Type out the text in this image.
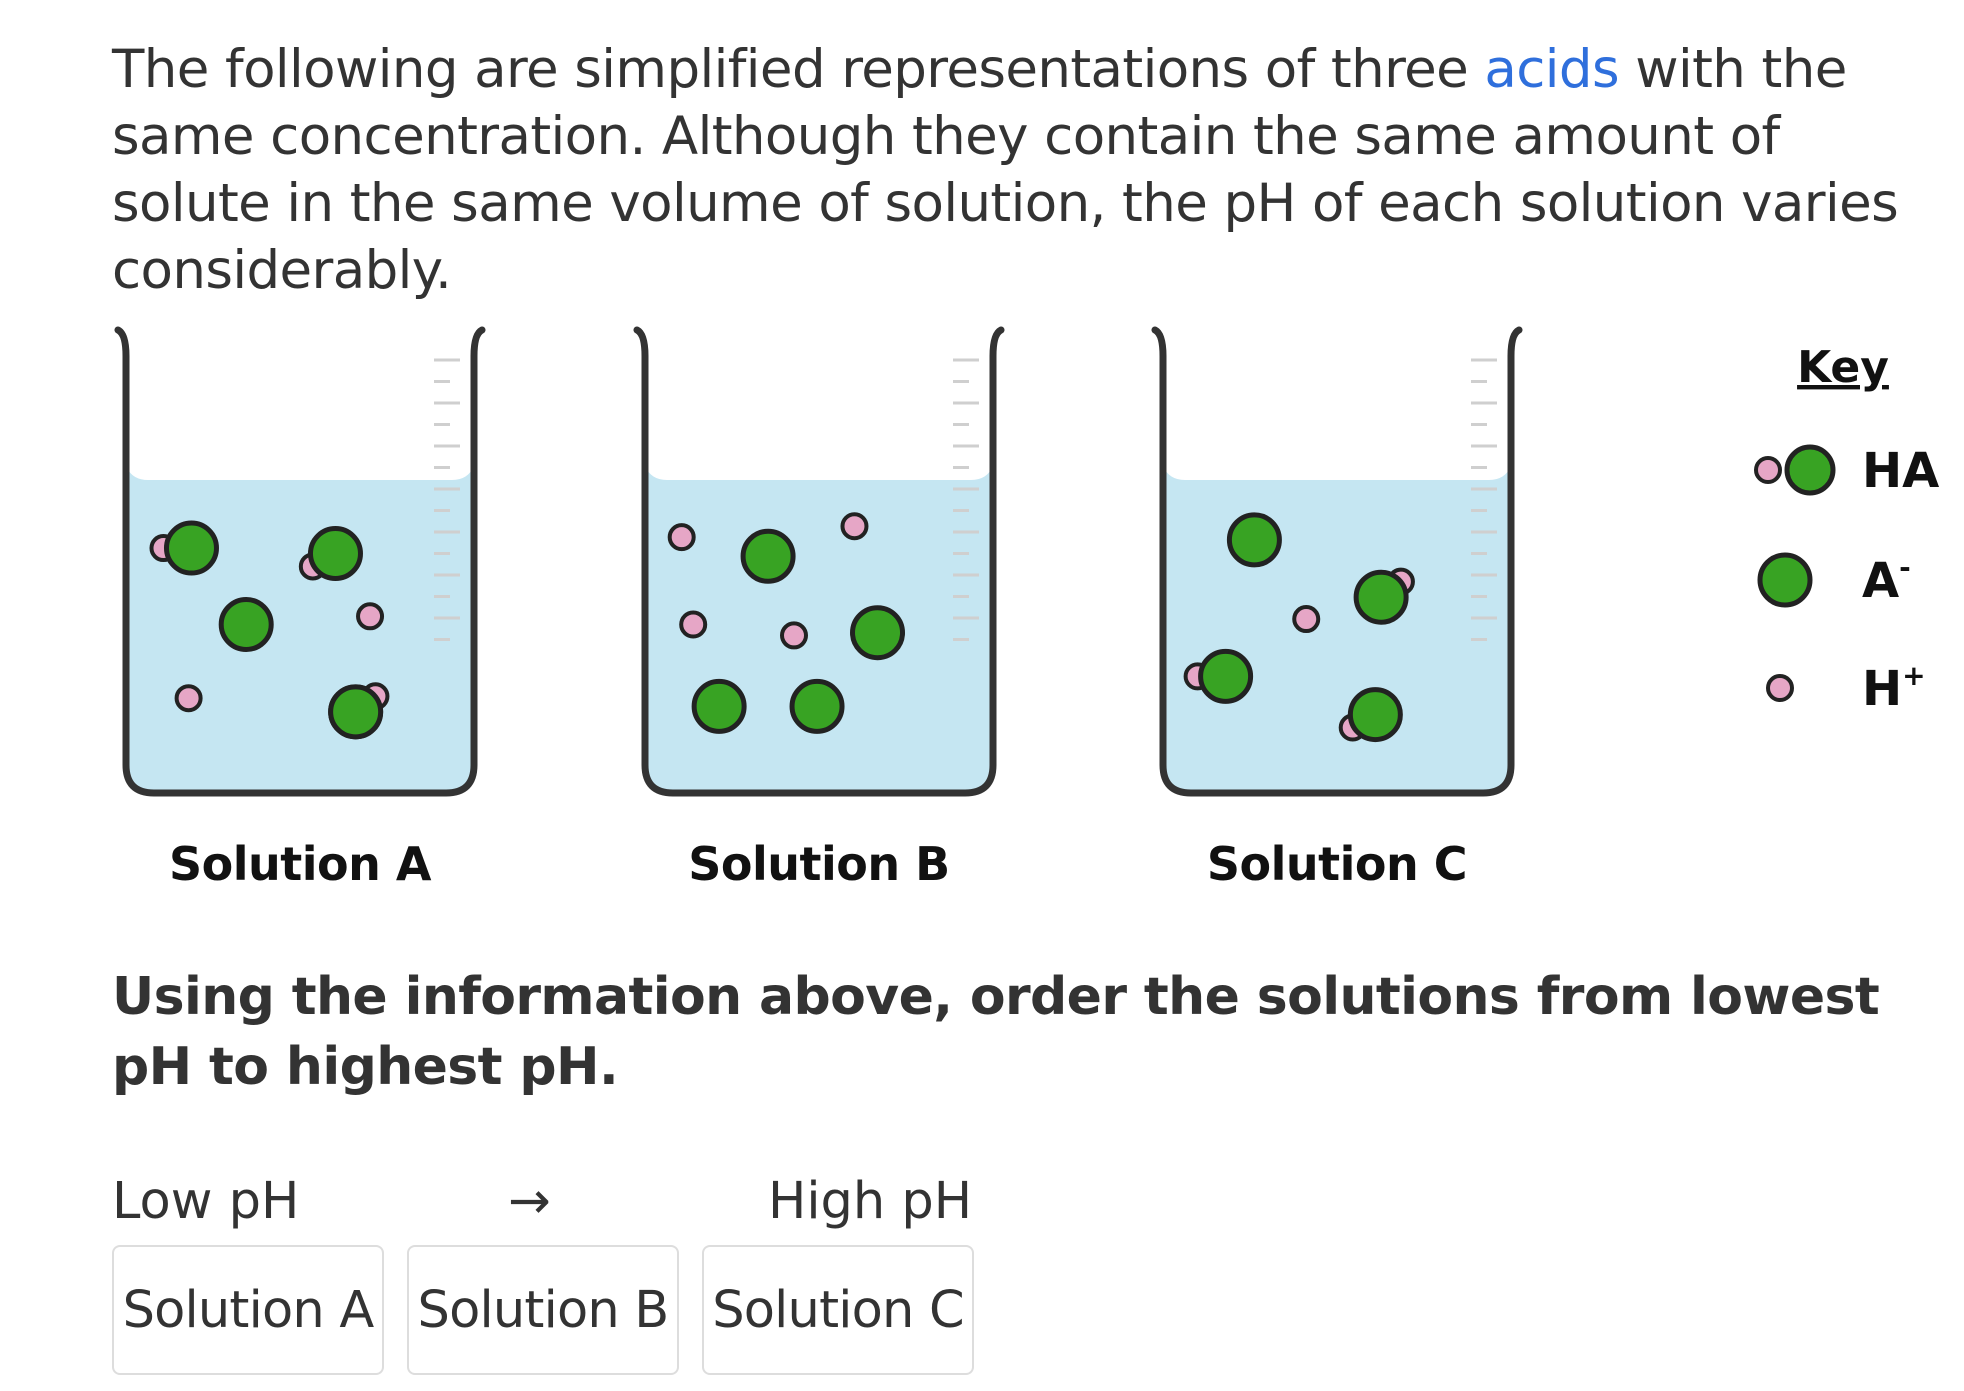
The following are simplified representations of three acids with the same concentration. Although they contain the same amount of solute in the same volume of solution, the pH of each solution varies considerably.

Solution A	Solution B	Solution C
Key
HA
A-
H+

Using the information above, order the solutions from lowest pH to highest pH.

Low pH	→	High pH
Solution A Solution B Solution C
